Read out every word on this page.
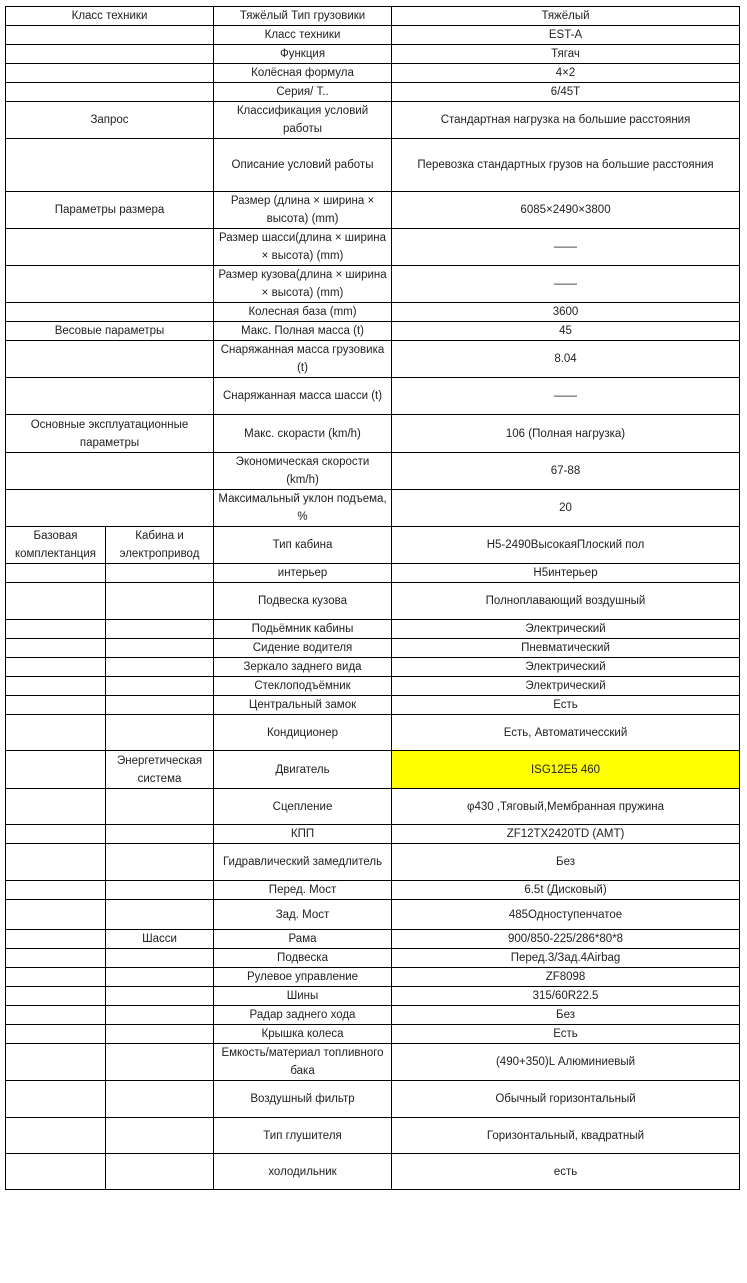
Класс техники		Тяжёлый Тип грузовики	Тяжёлый
		Класс техники	EST-A
		Функция	Тягач
		Колёсная формула	4×2
		Серия/ Т..	6/45T
Запрос		Классификация условий работы	Стандартная нагрузка на большие расстояния
		Описание условий работы	Перевозка стандартных грузов на большие расстояния
Параметры размера		Размер (длина × ширина × высота) (mm)	6085×2490×3800
		Размер шасси(длина × ширина × высота) (mm)	——
		Размер кузова(длина × ширина × высота) (mm)	——
		Колесная база (mm)	3600
Весовые параметры		Макс. Полная масса (t)	45
		Снаряжанная масса грузовика (t)	8.04
		Снаряжанная масса шасси (t)	——
Основные эксплуатационные параметры		Макс. скорасти (km/h)	106 (Полная нагрузка)
		Экономическая скорости (km/h)	67-88
		Максимальный уклон подъема, %	20
Базовая комплектанция	Кабина и электропривод	Тип кабина	H5-2490ВысокаяПлоский пол
		интерьер	H5интерьер
		Подвеска кузова	Полноплавающий воздушный
		Подьёмник кабины	Электрический
		Сидение водителя	Пневматический
		Зеркало заднего вида	Электрический
		Стеклоподъёмник	Электрический
		Центральный замок	Есть
		Кондиционер	Есть, Автоматичесский
	Энергетическая система	Двигатель	ISG12E5 460
		Сцепление	φ430 ,Тяговый,Мембранная пружина
		КПП	ZF12TX2420TD (AMT)
		Гидравлический замедлитель	Без
		Перед. Мост	6.5t (Дисковый)
		Зад. Мост	485Одноступенчатое
	Шасси	Рама	900/850-225/286*80*8
		Подвеска	Перед.3/Зад.4Airbag
		Рулевое управление	ZF8098
		Шины	315/60R22.5
		Радар заднего хода	Без
		Крышка колеса	Есть
		Емкость/материал топливного бака	(490+350)L Алюминиевый
		Воздушный фильтр	Обычный горизонтальный
		Тип глушителя	Горизонтальный, квадратный
		холодильник	есть
